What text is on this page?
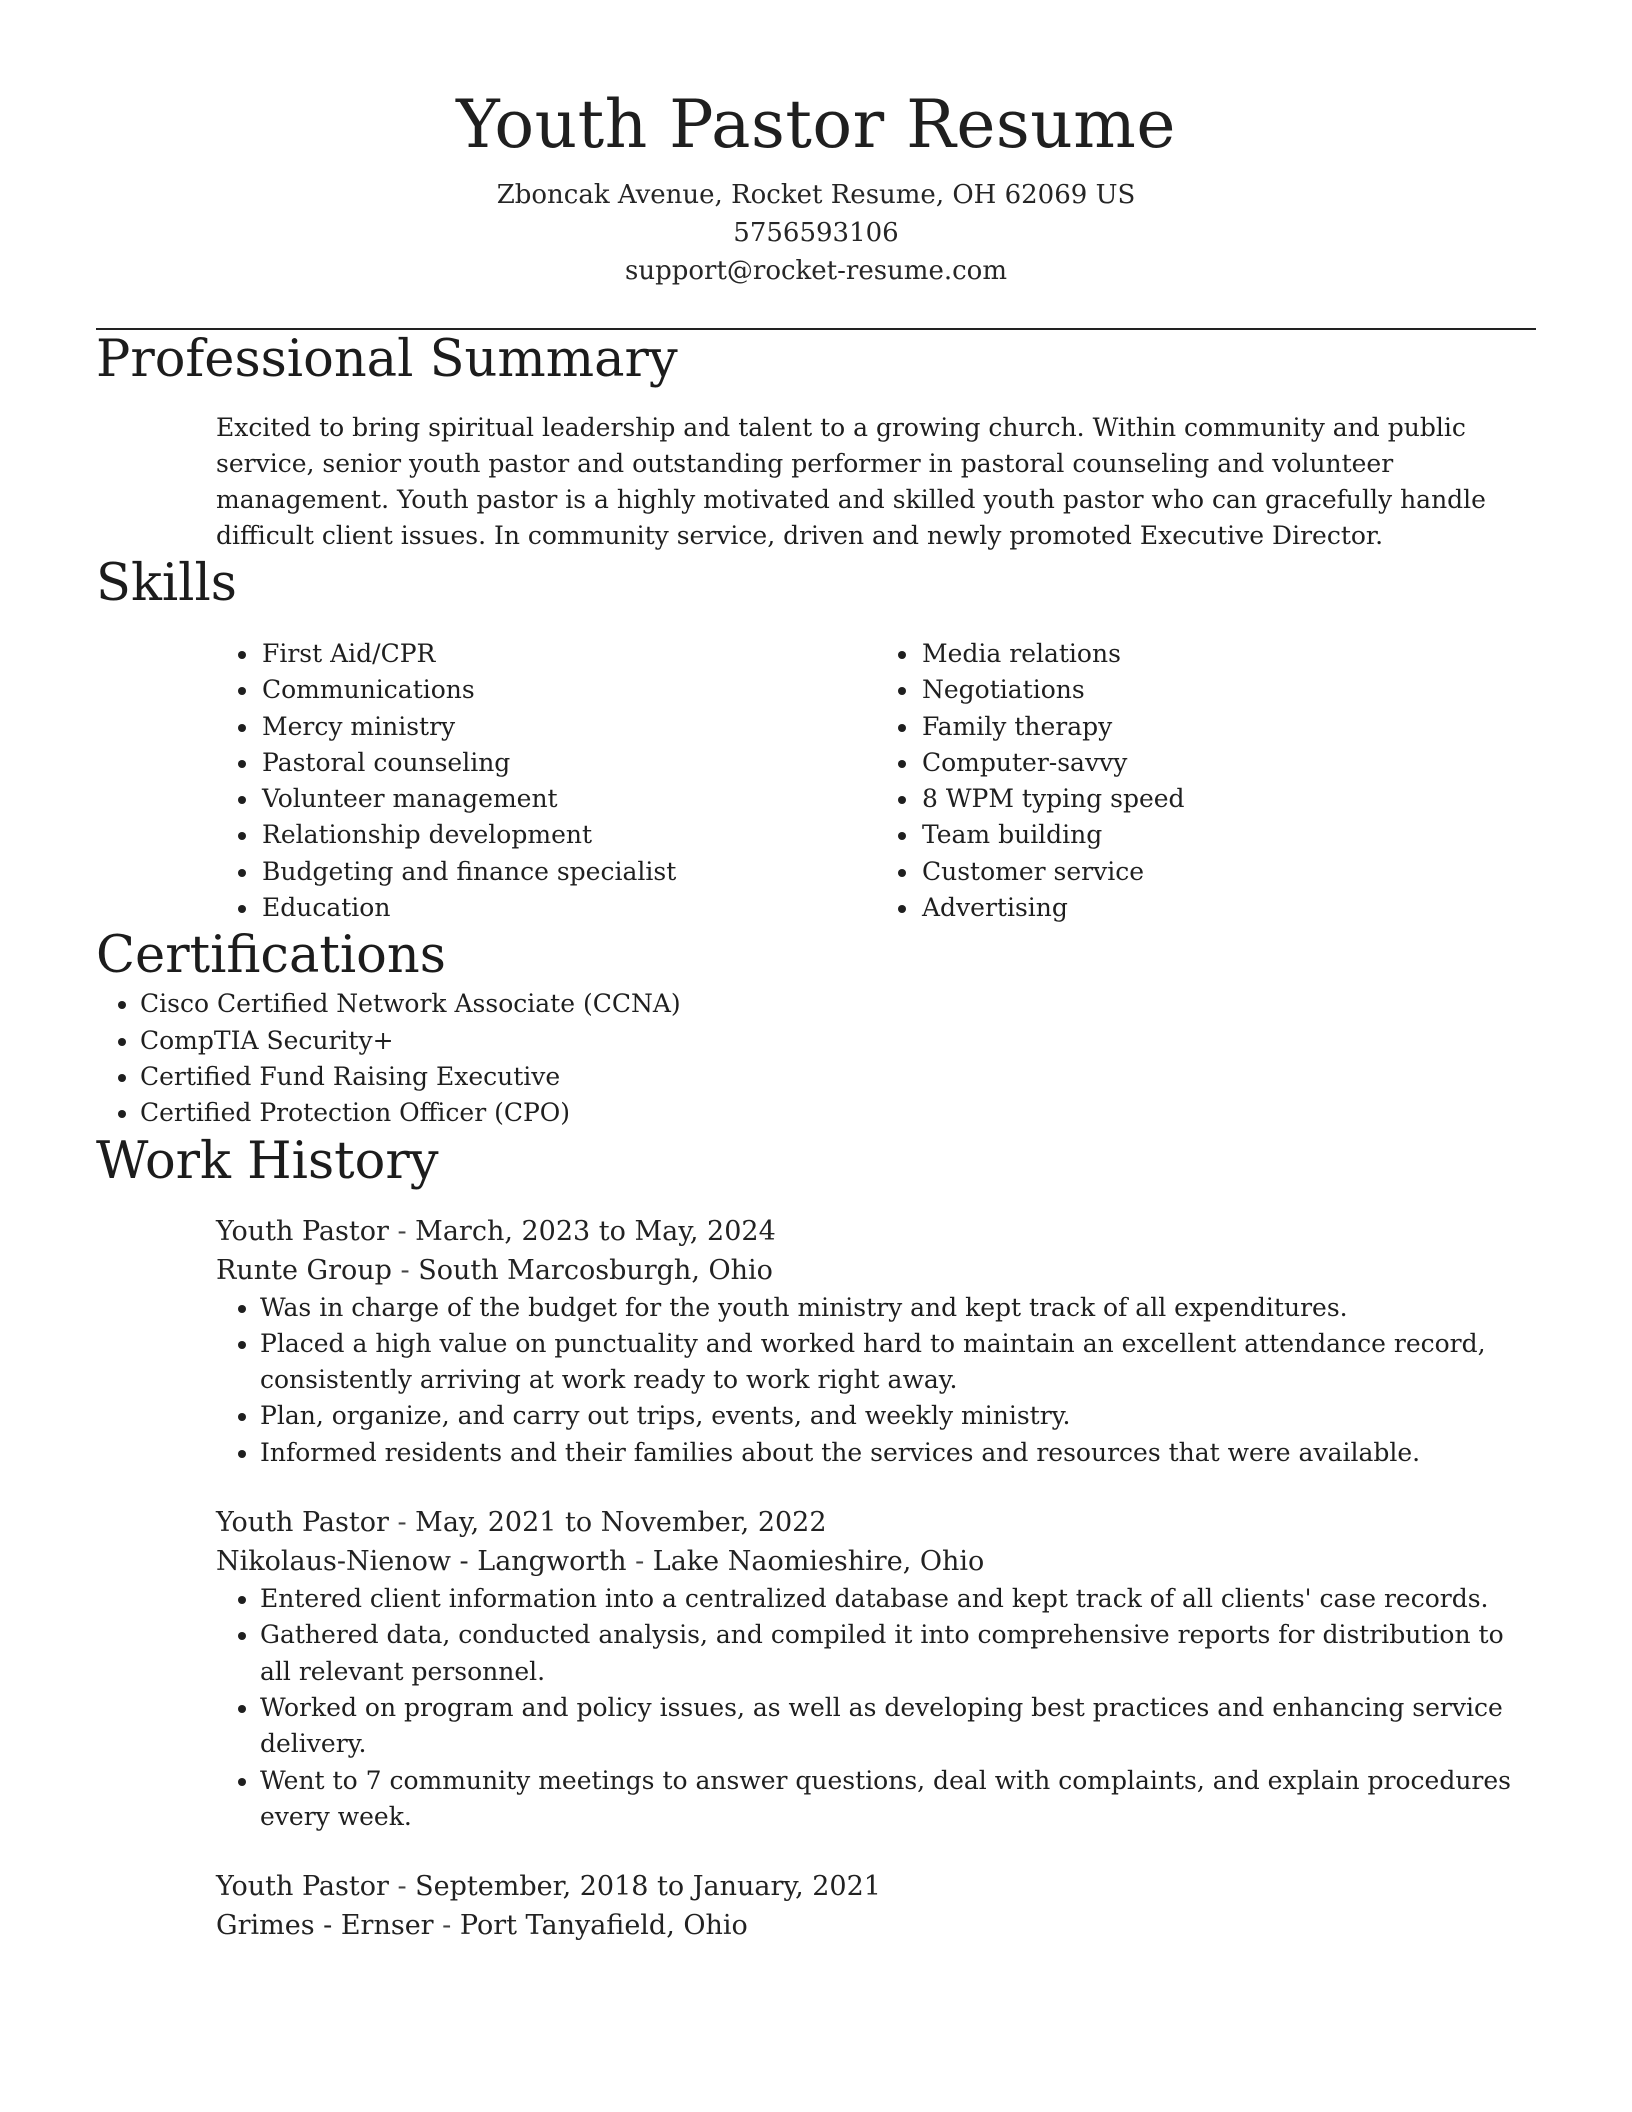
Youth Pastor Resume
Zboncak Avenue, Rocket Resume, OH 62069 US
5756593106
support@rocket-resume.com
Professional Summary
Excited to bring spiritual leadership and talent to a growing church. Within community and public service, senior youth pastor and outstanding performer in pastoral counseling and volunteer management. Youth pastor is a highly motivated and skilled youth pastor who can gracefully handle difficult client issues. In community service, driven and newly promoted Executive Director.
Skills
• First Aid/CPR
• Communications
• Mercy ministry
• Pastoral counseling
• Volunteer management
• Relationship development
• Budgeting and finance specialist
• Education
• Media relations
• Negotiations
• Family therapy
• Computer-savvy
• 8 WPM typing speed
• Team building
• Customer service
• Advertising
Certifications
• Cisco Certified Network Associate (CCNA)
• CompTIA Security+
• Certified Fund Raising Executive
• Certified Protection Officer (CPO)
Work History
Youth Pastor - March, 2023 to May, 2024
Runte Group - South Marcosburgh, Ohio
• Was in charge of the budget for the youth ministry and kept track of all expenditures.
• Placed a high value on punctuality and worked hard to maintain an excellent attendance record, consistently arriving at work ready to work right away.
• Plan, organize, and carry out trips, events, and weekly ministry.
• Informed residents and their families about the services and resources that were available.
Youth Pastor - May, 2021 to November, 2022
Nikolaus-Nienow - Langworth - Lake Naomieshire, Ohio
• Entered client information into a centralized database and kept track of all clients' case records.
• Gathered data, conducted analysis, and compiled it into comprehensive reports for distribution to all relevant personnel.
• Worked on program and policy issues, as well as developing best practices and enhancing service delivery.
• Went to 7 community meetings to answer questions, deal with complaints, and explain procedures every week.
Youth Pastor - September, 2018 to January, 2021
Grimes - Ernser - Port Tanyafield, Ohio
